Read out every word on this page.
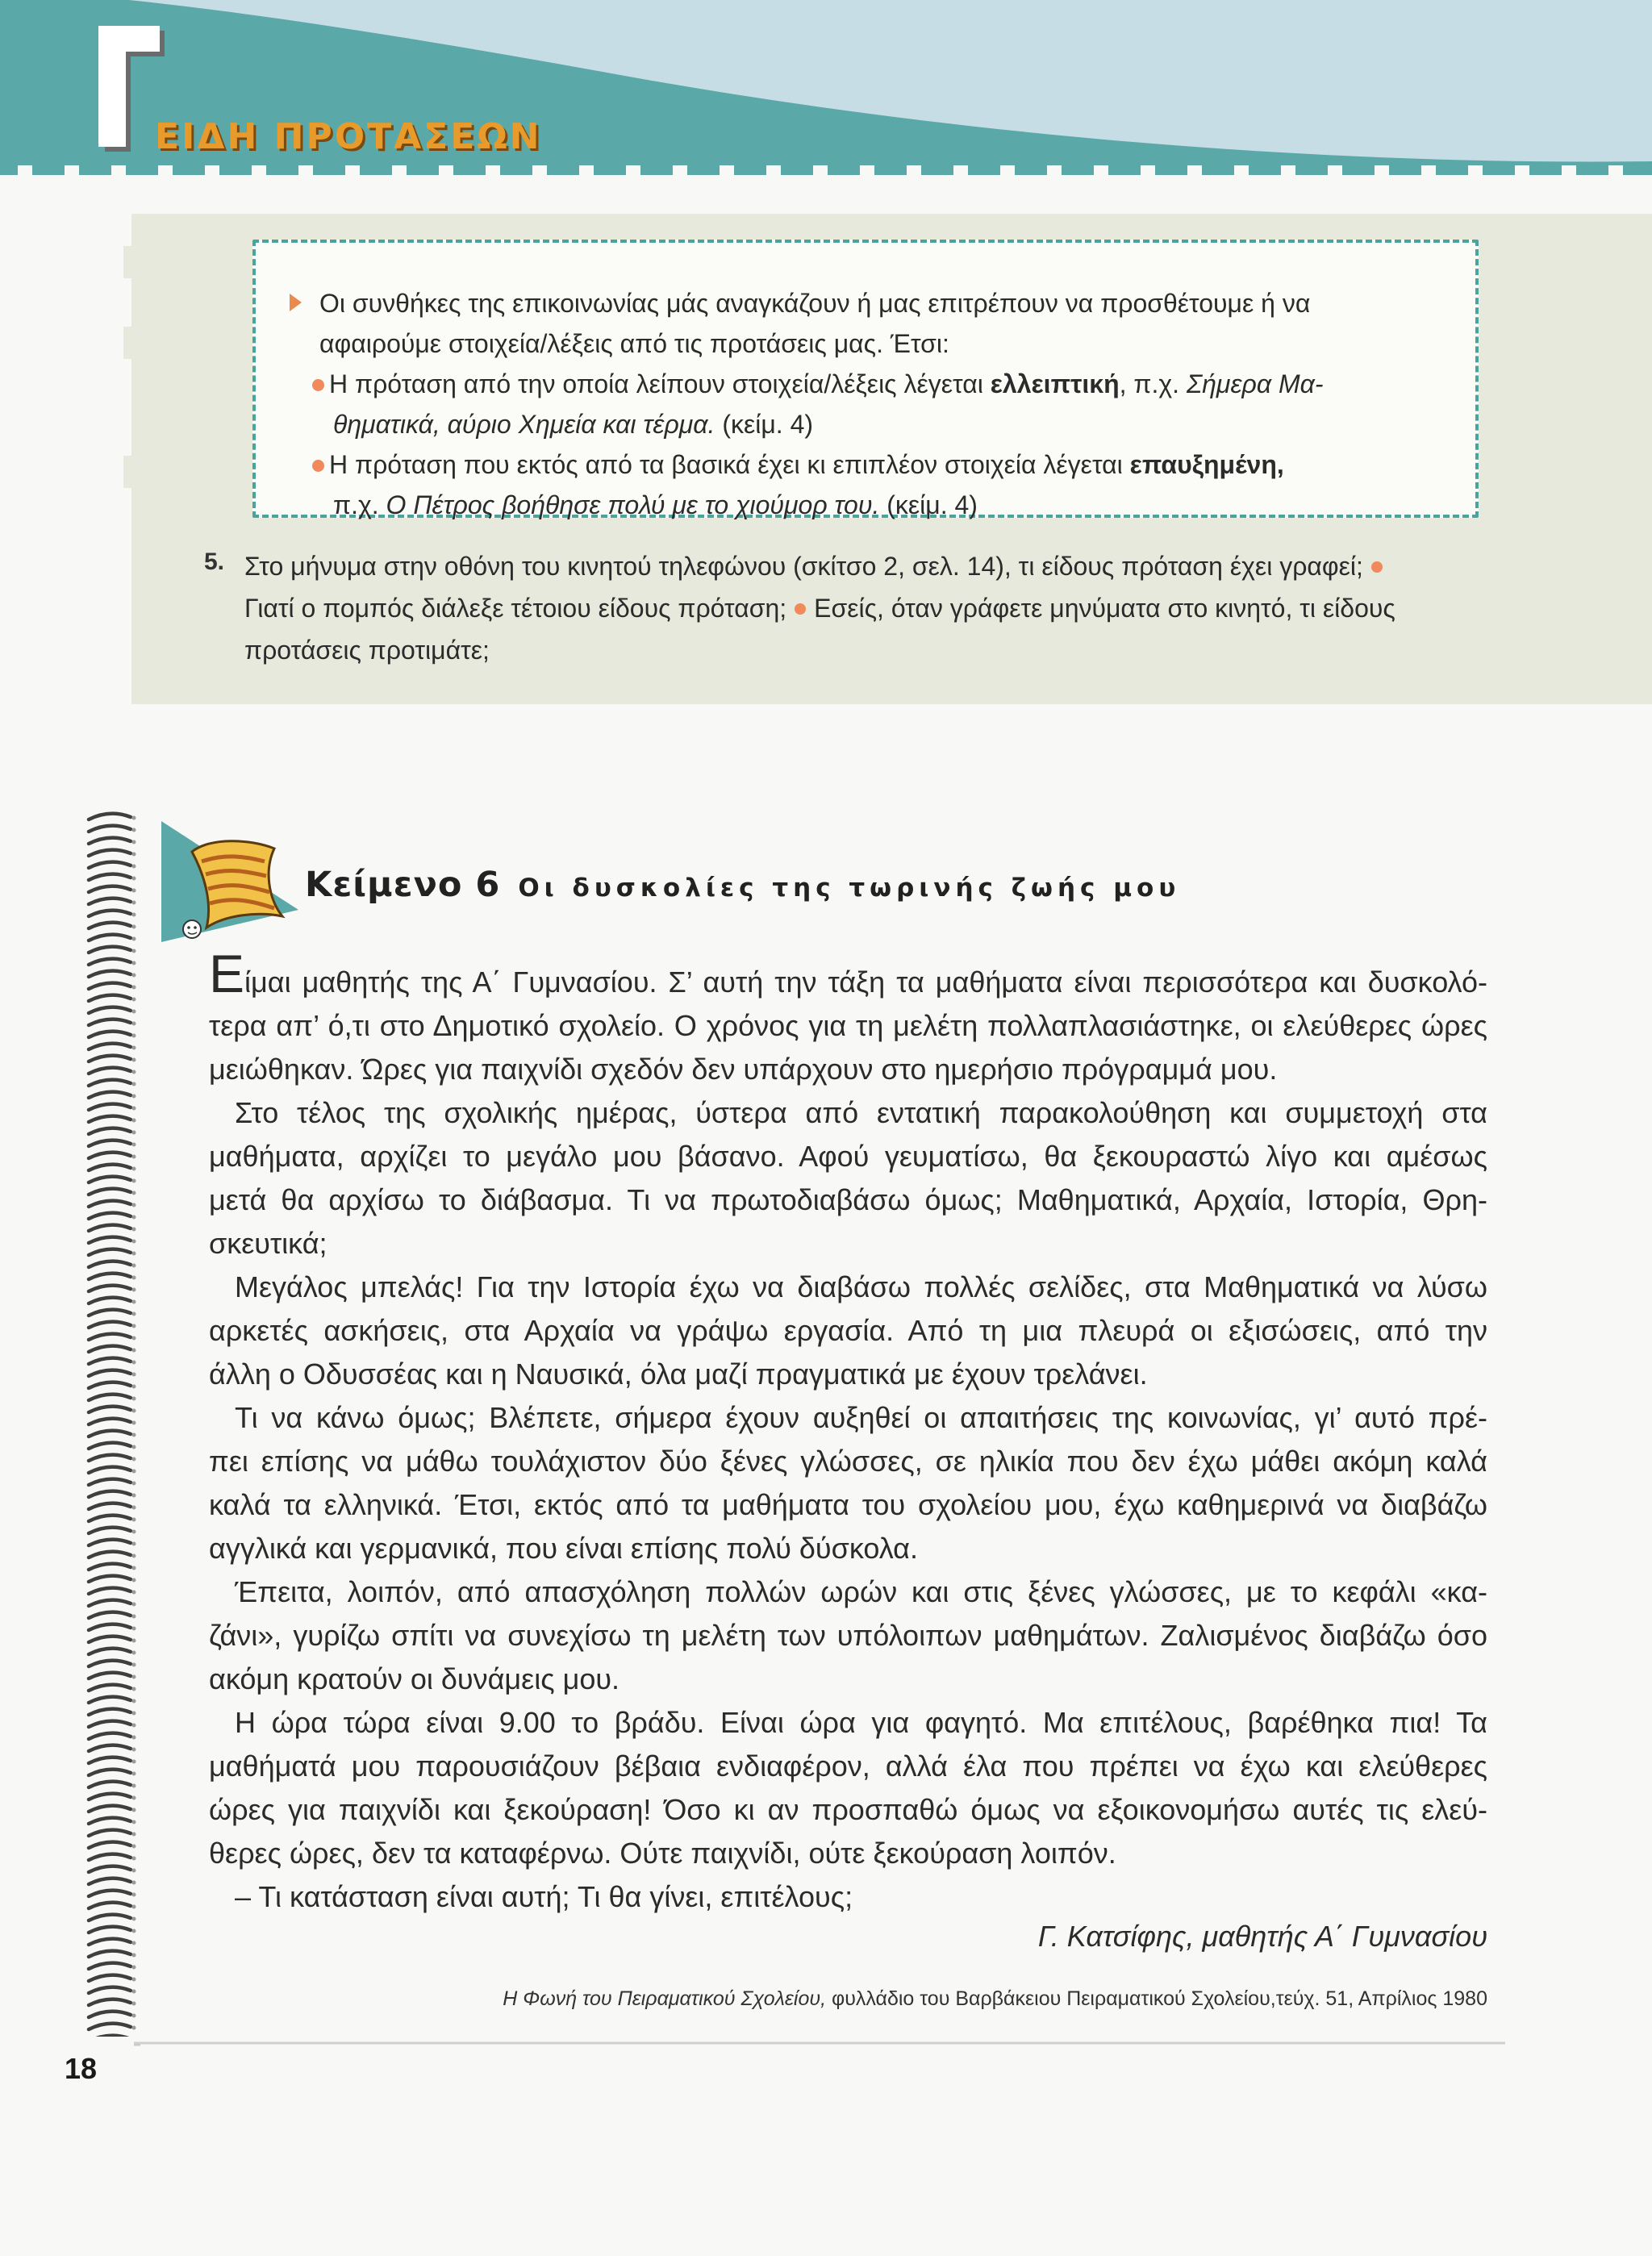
ΕΙΔΗ ΠΡΟΤΑΣΕΩΝ
Οι συνθήκες της επικοινωνίας μάς αναγκάζουν ή μας επιτρέπουν να προσθέτουμε ή να
αφαιρούμε στοιχεία/λέξεις από τις προτάσεις μας. Έτσι:
Η πρόταση από την οποία λείπουν στοιχεία/λέξεις λέγεται ελλειπτική, π.χ. Σήμερα Μα-
θηματικά, αύριο Χημεία και τέρμα. (κείμ. 4)
Η πρόταση που εκτός από τα βασικά έχει κι επιπλέον στοιχεία λέγεται επαυξημένη,
π.χ. Ο Πέτρος βοήθησε πολύ με το χιούμορ του. (κείμ. 4)
5. Στο μήνυμα στην οθόνη του κινητού τηλεφώνου (σκίτσο 2, σελ. 14), τι είδους πρόταση έχει γραφεί;
Γιατί ο πομπός διάλεξε τέτοιου είδους πρόταση; Εσείς, όταν γράφετε μηνύματα στο κινητό, τι είδους
προτάσεις προτιμάτε;
Κείμενο 6 Οι δυσκολίες της τωρινής ζωής μου
Είμαι μαθητής της Α΄ Γυμνασίου. Σ’ αυτή την τάξη τα μαθήματα είναι περισσότερα και δυσκολό-
τερα απ’ ό,τι στο Δημοτικό σχολείο. Ο χρόνος για τη μελέτη πολλαπλασιάστηκε, οι ελεύθερες ώρες
μειώθηκαν. Ώρες για παιχνίδι σχεδόν δεν υπάρχουν στο ημερήσιο πρόγραμμά μου.
Στο τέλος της σχολικής ημέρας, ύστερα από εντατική παρακολούθηση και συμμετοχή στα
μαθήματα, αρχίζει το μεγάλο μου βάσανο. Αφού γευματίσω, θα ξεκουραστώ λίγο και αμέσως
μετά θα αρχίσω το διάβασμα. Τι να πρωτοδιαβάσω όμως; Μαθηματικά, Αρχαία, Ιστορία, Θρη-
σκευτικά;
Μεγάλος μπελάς! Για την Ιστορία έχω να διαβάσω πολλές σελίδες, στα Μαθηματικά να λύσω
αρκετές ασκήσεις, στα Αρχαία να γράψω εργασία. Από τη μια πλευρά οι εξισώσεις, από την
άλλη ο Οδυσσέας και η Ναυσικά, όλα μαζί πραγματικά με έχουν τρελάνει.
Τι να κάνω όμως; Βλέπετε, σήμερα έχουν αυξηθεί οι απαιτήσεις της κοινωνίας, γι’ αυτό πρέ-
πει επίσης να μάθω τουλάχιστον δύο ξένες γλώσσες, σε ηλικία που δεν έχω μάθει ακόμη καλά
καλά τα ελληνικά. Έτσι, εκτός από τα μαθήματα του σχολείου μου, έχω καθημερινά να διαβάζω
αγγλικά και γερμανικά, που είναι επίσης πολύ δύσκολα.
Έπειτα, λοιπόν, από απασχόληση πολλών ωρών και στις ξένες γλώσσες, με το κεφάλι «κα-
ζάνι», γυρίζω σπίτι να συνεχίσω τη μελέτη των υπόλοιπων μαθημάτων. Ζαλισμένος διαβάζω όσο
ακόμη κρατούν οι δυνάμεις μου.
Η ώρα τώρα είναι 9.00 το βράδυ. Είναι ώρα για φαγητό. Μα επιτέλους, βαρέθηκα πια! Τα
μαθήματά μου παρουσιάζουν βέβαια ενδιαφέρον, αλλά έλα που πρέπει να έχω και ελεύθερες
ώρες για παιχνίδι και ξεκούραση! Όσο κι αν προσπαθώ όμως να εξοικονομήσω αυτές τις ελεύ-
θερες ώρες, δεν τα καταφέρνω. Ούτε παιχνίδι, ούτε ξεκούραση λοιπόν.
– Τι κατάσταση είναι αυτή; Τι θα γίνει, επιτέλους;
Γ. Κατσίφης, μαθητής Α΄ Γυμνασίου
Η Φωνή του Πειραματικού Σχολείου, φυλλάδιο του Βαρβάκειου Πειραματικού Σχολείου,τεύχ. 51, Απρίλιος 1980
18
